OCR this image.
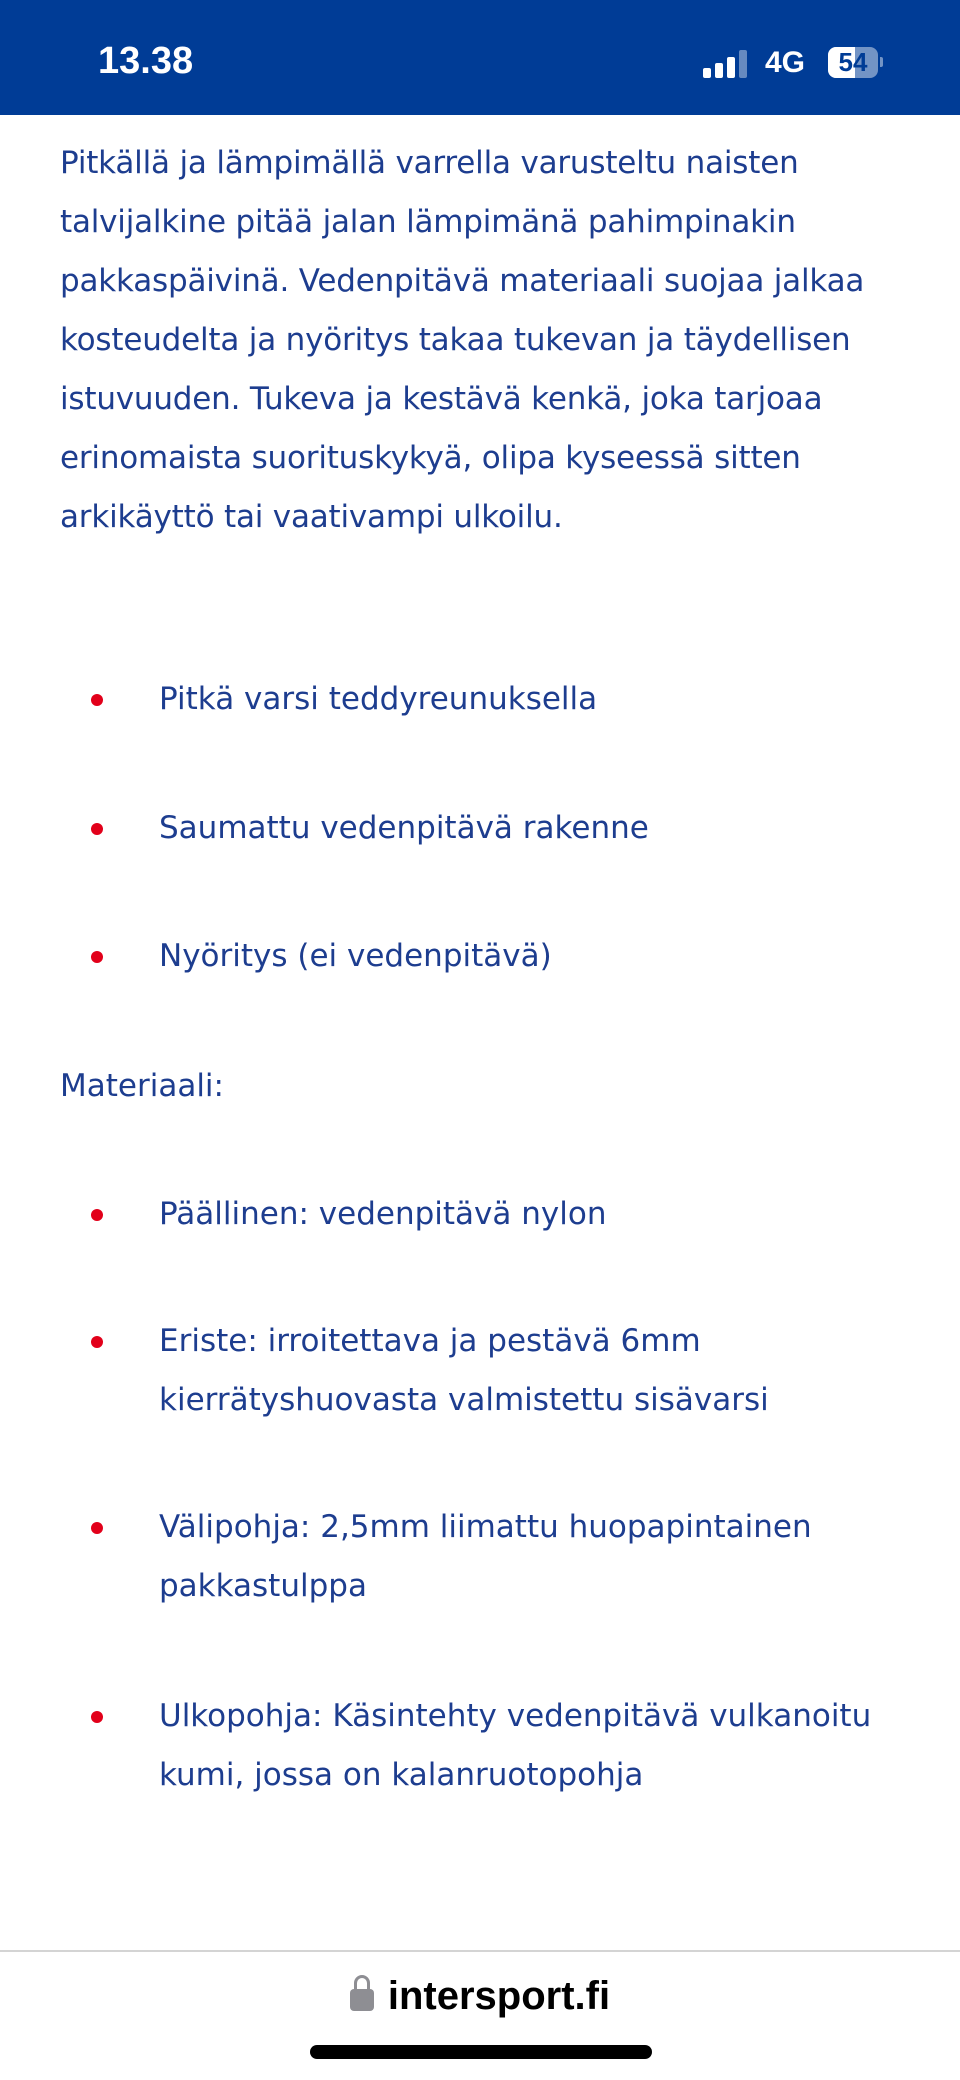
13.38	4G	54

Pitkällä ja lämpimällä varrella varusteltu naisten talvijalkine pitää jalan lämpimänä pahimpinakin pakkaspäivinä. Vedenpitävä materiaali suojaa jalkaa kosteudelta ja nyöritys takaa tukevan ja täydellisen istuvuuden. Tukeva ja kestävä kenkä, joka tarjoaa erinomaista suorituskykyä, olipa kyseessä sitten arkikäyttö tai vaativampi ulkoilu.

Pitkä varsi teddyreunuksella
Saumattu vedenpitävä rakenne
Nyöritys (ei vedenpitävä)
Materiaali:
Päällinen: vedenpitävä nylon
Eriste: irroitettava ja pestävä 6mm kierrätyshuovasta valmistettu sisävarsi
Välipohja: 2,5mm liimattu huopapintainen pakkastulppa
Ulkopohja: Käsintehty vedenpitävä vulkanoitu kumi, jossa on kalanruotopohja
intersport.fi
